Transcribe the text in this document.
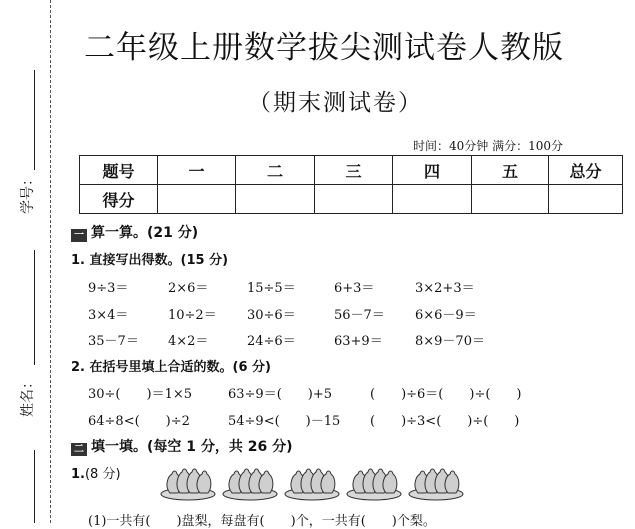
学号：
姓名：
二年级上册数学拔尖测试卷人教版
（期末测试卷）
时间：40分钟 满分：100分
题号	一	二	三	四	五	总分
得分						
一 算一算。(21 分)
1. 直接写出得数。(15 分)
9÷3＝	2×6＝	15÷5＝	6+3＝	3×2+3＝
3×4＝	10÷2＝ 30÷6＝	56－7＝ 6×6－9＝
35－7＝ 4×2＝	24÷6＝	63+9＝ 8×9－70＝
2. 在括号里填上合适的数。(6 分)
30÷(　　)＝1×5	63÷9＝(　　)+5	(　　)÷6＝(　　)÷(　　)
64÷8<(　　)÷2	54÷9<(　　)－15 (　　)÷3<(　　)÷(　　)
二 填一填。(每空 1 分，共 26 分)
1.(8 分)
(1)一共有(　　)盘梨，每盘有(　　)个，一共有(　　)个梨。
